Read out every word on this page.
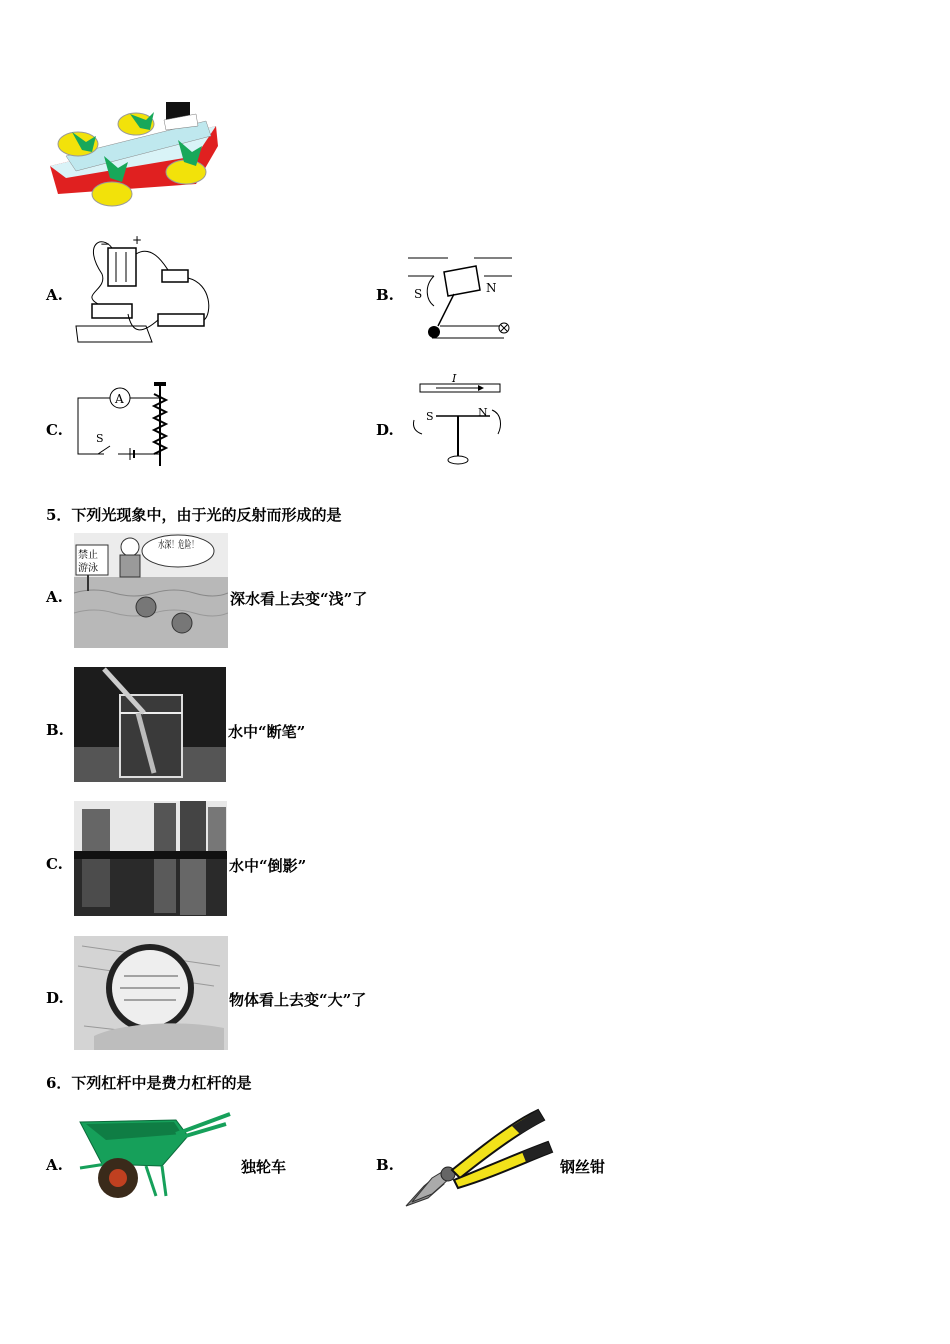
A.
− +
B. S	N
C.
A
S	D.
I
S	N
5．下列光现象中，由于光的反射而形成的是
A.
禁止
游泳
水深！危险！
深水看上去变“浅”了
B.	水中“断笔”
C.	水中“倒影”
D.	物体看上去变“大”了
6．下列杠杆中是费力杠杆的是
A.	独轮车	B.	钢丝钳
